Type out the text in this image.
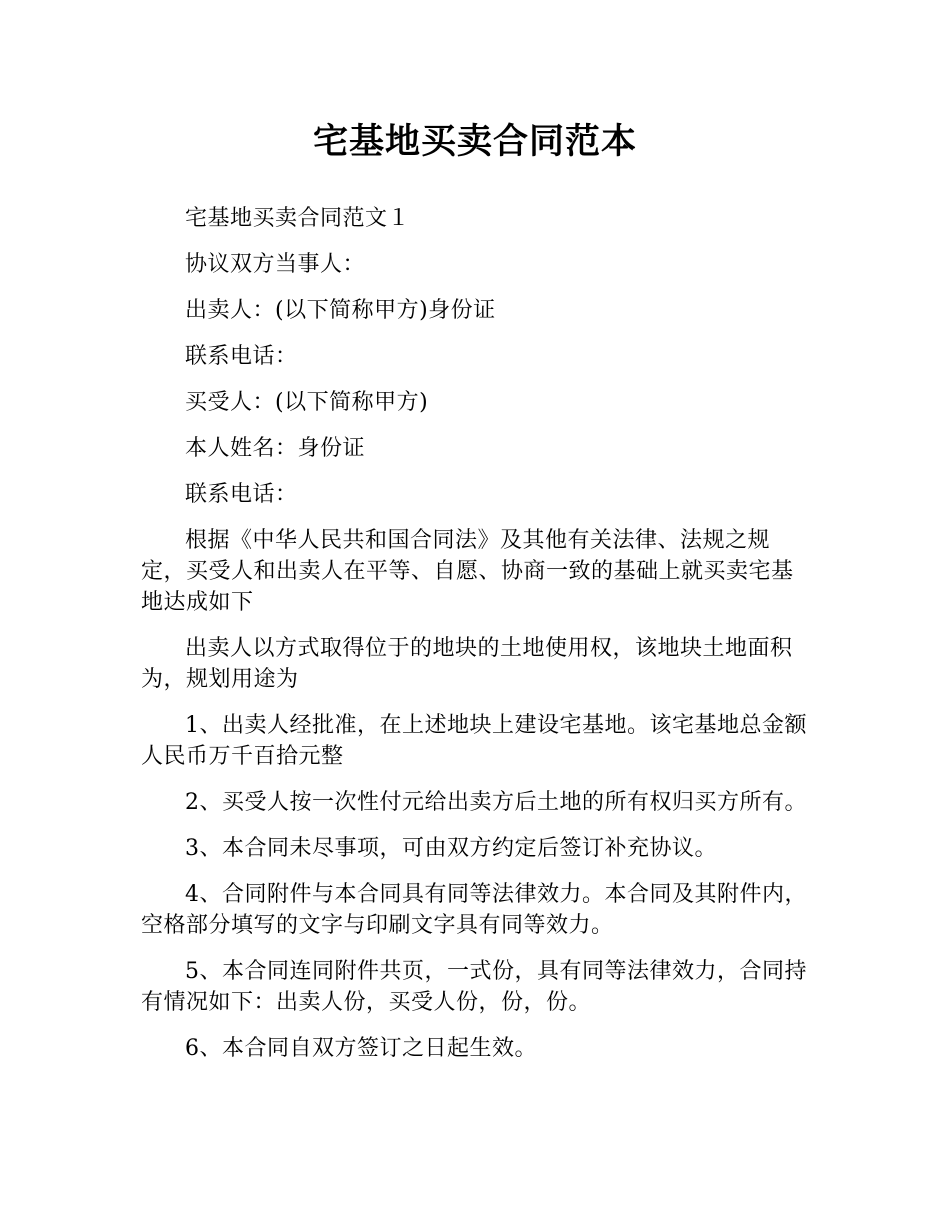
宅基地买卖合同范本

宅基地买卖合同范文１

协议双方当事人：

出卖人：(以下简称甲方)身份证

联系电话：

买受人：(以下简称甲方)

本人姓名：身份证

联系电话：

根据《中华人民共和国合同法》及其他有关法律、法规之规定，买受人和出卖人在平等、自愿、协商一致的基础上就买卖宅基地达成如下

出卖人以方式取得位于的地块的土地使用权，该地块土地面积为，规划用途为

1、出卖人经批准，在上述地块上建设宅基地。该宅基地总金额人民币万千百拾元整

2、买受人按一次性付元给出卖方后土地的所有权归买方所有。

3、本合同未尽事项，可由双方约定后签订补充协议。

4、合同附件与本合同具有同等法律效力。本合同及其附件内，空格部分填写的文字与印刷文字具有同等效力。

5、本合同连同附件共页，一式份，具有同等法律效力，合同持有情况如下：出卖人份，买受人份，份，份。

6、本合同自双方签订之日起生效。
